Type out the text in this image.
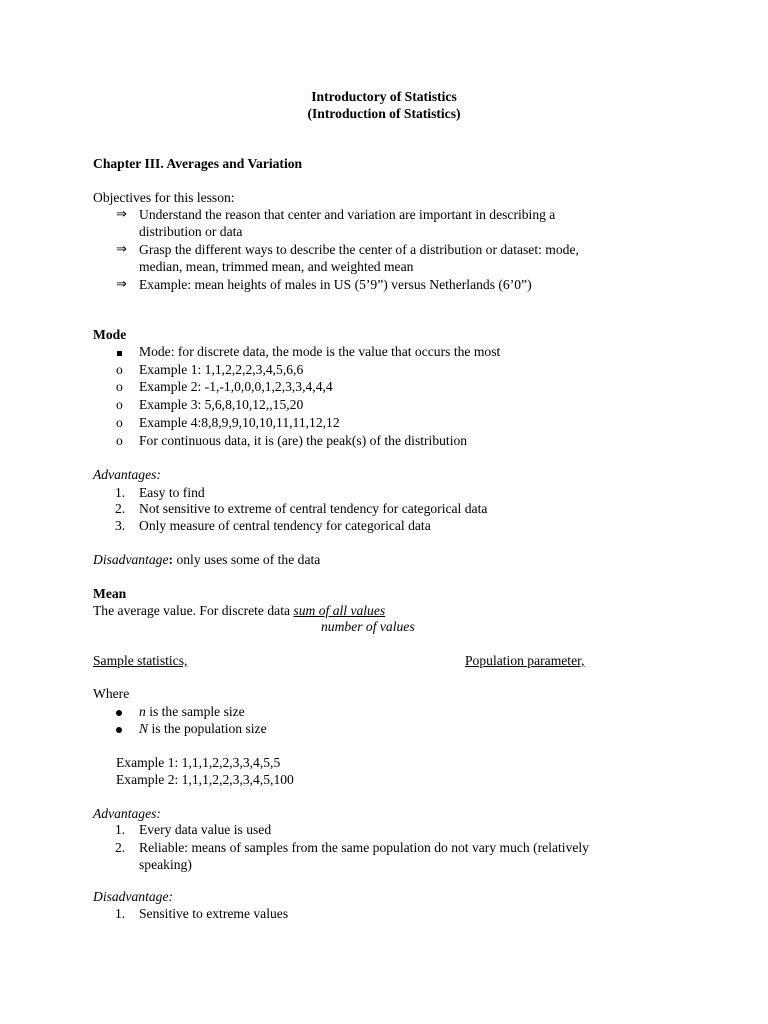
Introductory of Statistics
(Introduction of Statistics)
Chapter III. Averages and Variation
Objectives for this lesson:
⇒ Understand the reason that center and variation are important in describing a
distribution or data
⇒ Grasp the different ways to describe the center of a distribution or dataset: mode,
median, mean, trimmed mean, and weighted mean
⇒ Example: mean heights of males in US (5’9”) versus Netherlands (6’0”)
Mode
Mode: for discrete data, the mode is the value that occurs the most
o Example 1: 1,1,2,2,2,3,4,5,6,6
o Example 2: -1,-1,0,0,0,1,2,3,3,4,4,4
o Example 3: 5,6,8,10,12,,15,20
o Example 4:8,8,9,9,10,10,11,11,12,12
o For continuous data, it is (are) the peak(s) of the distribution
Advantages:
1. Easy to find
2. Not sensitive to extreme of central tendency for categorical data
3. Only measure of central tendency for categorical data
Disadvantage: only uses some of the data
Mean
The average value. For discrete data sum of all values
number of values
Sample statistics,	Population parameter,
Where
n is the sample size
N is the population size
Example 1: 1,1,1,2,2,3,3,4,5,5
Example 2: 1,1,1,2,2,3,3,4,5,100
Advantages:
1. Every data value is used
2. Reliable: means of samples from the same population do not vary much (relatively
speaking)
Disadvantage:
1. Sensitive to extreme values
